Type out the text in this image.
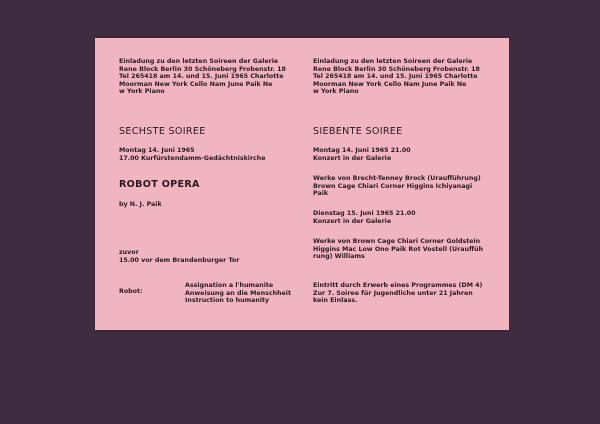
Einladung zu den letzten Soireen der Galerie
Rene Block Berlin 30 Schöneberg Frobenstr. 18
Tel 265418 am 14. und 15. Juni 1965 Charlotte
Moorman New York Cello Nam June Paik Ne
w York Piano
SECHSTE SOIREE
Montag 14. Juni 1965
17.00 Kurfürstendamm-Gedächtniskirche
ROBOT OPERA
by N. J. Paik
zuvor
15.00 vor dem Brandenburger Tor
Robot:
Assignation a l'humanite
Anweisung an die Menschheit
Instruction to humanity
Einladung zu den letzten Soireen der Galerie
Rene Block Berlin 30 Schöneberg Frobenstr. 18
Tel 265418 am 14. und 15. Juni 1965 Charlotte
Moorman New York Cello Nam June Paik Ne
w York Piano
SIEBENTE SOIREE
Montag 14. Juni 1965 21.00
Konzert in der Galerie
Werke von Brecht-Tenney Brock (Uraufführung)
Brown Cage Chiari Corner Higgins Ichiyanagi
Paik
Dienstag 15. Juni 1965 21.00
Konzert in der Galerie
Werke von Brown Cage Chiari Corner Goldstein
Higgins Mac Low Ono Paik Rot Vostell (Urauffüh
rung) Williams
Eintritt durch Erwerb eines Programmes (DM 4)
Zur 7. Soiree für Jugendliche unter 21 Jahren
kein Einlass.
